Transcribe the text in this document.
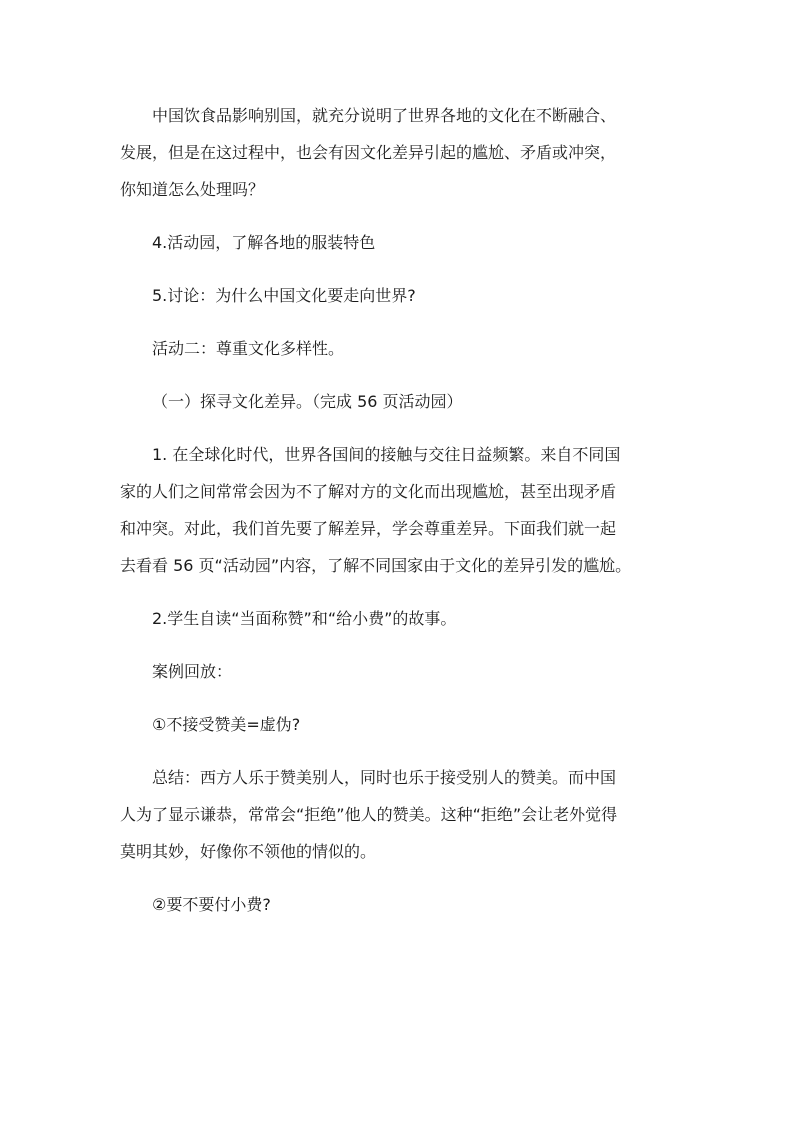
中国饮食品影响别国，就充分说明了世界各地的文化在不断融合、
发展，但是在这过程中，也会有因文化差异引起的尴尬、矛盾或冲突，
你知道怎么处理吗？
4.活动园，了解各地的服装特色
5.讨论：为什么中国文化要走向世界?
活动二：尊重文化多样性。
（一）探寻文化差异。（完成 56 页活动园）
1. 在全球化时代，世界各国间的接触与交往日益频繁。来自不同国
家的人们之间常常会因为不了解对方的文化而出现尴尬，甚至出现矛盾
和冲突。对此，我们首先要了解差异，学会尊重差异。下面我们就一起
去看看 56 页“活动园”内容，了解不同国家由于文化的差异引发的尴尬。
2.学生自读“当面称赞”和“给小费”的故事。
案例回放：
①不接受赞美=虚伪?
总结：西方人乐于赞美别人，同时也乐于接受别人的赞美。而中国
人为了显示谦恭，常常会“拒绝”他人的赞美。这种“拒绝”会让老外觉得
莫明其妙，好像你不领他的情似的。
②要不要付小费?
